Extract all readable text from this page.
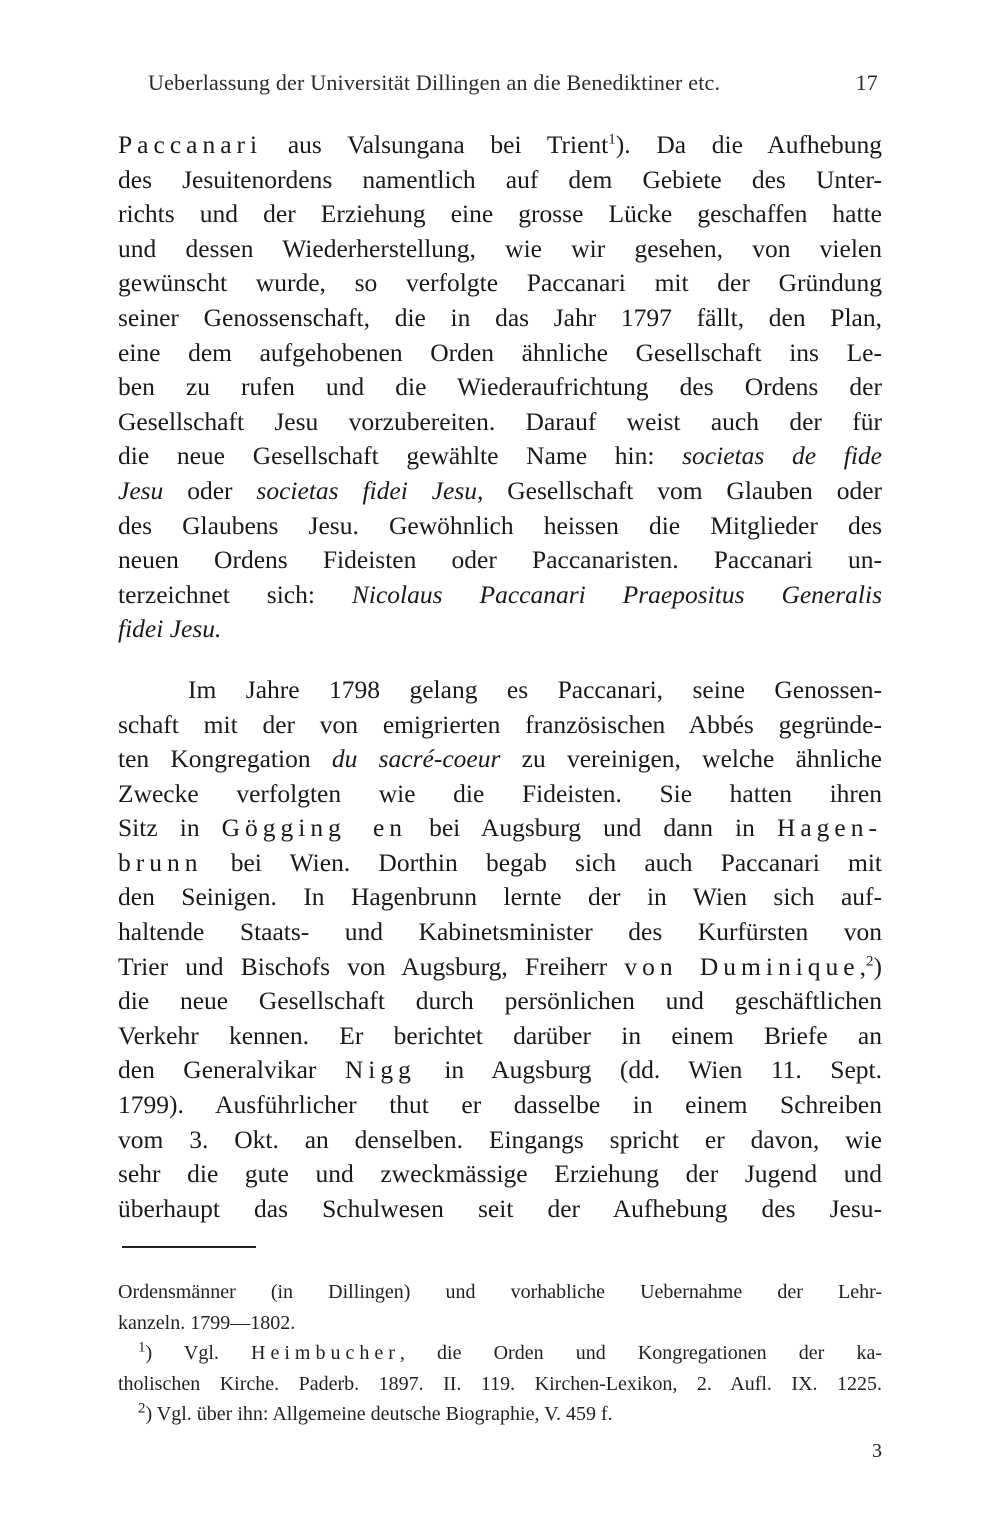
Ueberlassung der Universität Dillingen an die Benediktiner etc.	17
Paccanari aus Valsungana bei Trient$^1$). Da die Aufhebung
des Jesuitenordens namentlich auf dem Gebiete des Unter-
richts und der Erziehung eine grosse Lücke geschaffen hatte
und dessen Wiederherstellung, wie wir gesehen, von vielen
gewünscht wurde, so verfolgte Paccanari mit der Gründung
seiner Genossenschaft, die in das Jahr 1797 fällt, den Plan,
eine dem aufgehobenen Orden ähnliche Gesellschaft ins Le-
ben zu rufen und die Wiederaufrichtung des Ordens der
Gesellschaft Jesu vorzubereiten. Darauf weist auch der für
die neue Gesellschaft gewählte Name hin: societas de fide
Jesu oder societas fidei Jesu, Gesellschaft vom Glauben oder
des Glaubens Jesu. Gewöhnlich heissen die Mitglieder des
neuen Ordens Fideisten oder Paccanaristen. Paccanari un-
terzeichnet sich: Nicolaus Paccanari Praepositus Generalis
fidei Jesu.
Im Jahre 1798 gelang es Paccanari, seine Genossen-
schaft mit der von emigrierten französischen Abbés gegründe-
ten Kongregation du sacré-coeur zu vereinigen, welche ähnliche
Zwecke verfolgten wie die Fideisten. Sie hatten ihren
Sitz in Gögging en bei Augsburg und dann in Hagen-
brunn bei Wien. Dorthin begab sich auch Paccanari mit
den Seinigen. In Hagenbrunn lernte der in Wien sich auf-
haltende Staats- und Kabinetsminister des Kurfürsten von
Trier und Bischofs von Augsburg, Freiherr von Duminique,$^2$)
die neue Gesellschaft durch persönlichen und geschäftlichen
Verkehr kennen. Er berichtet darüber in einem Briefe an
den Generalvikar Nigg in Augsburg (dd. Wien 11. Sept.
1799). Ausführlicher thut er dasselbe in einem Schreiben
vom 3. Okt. an denselben. Eingangs spricht er davon, wie
sehr die gute und zweckmässige Erziehung der Jugend und
überhaupt das Schulwesen seit der Aufhebung des Jesu-
Ordensmänner (in Dillingen) und vorhabliche Uebernahme der Lehr-
kanzeln. 1799—1802.
$^1$) Vgl. Heimbucher, die Orden und Kongregationen der ka-
tholischen Kirche. Paderb. 1897. II. 119. Kirchen-Lexikon, 2. Aufl. IX. 1225.
$^2$) Vgl. über ihn: Allgemeine deutsche Biographie, V. 459 f.
3
